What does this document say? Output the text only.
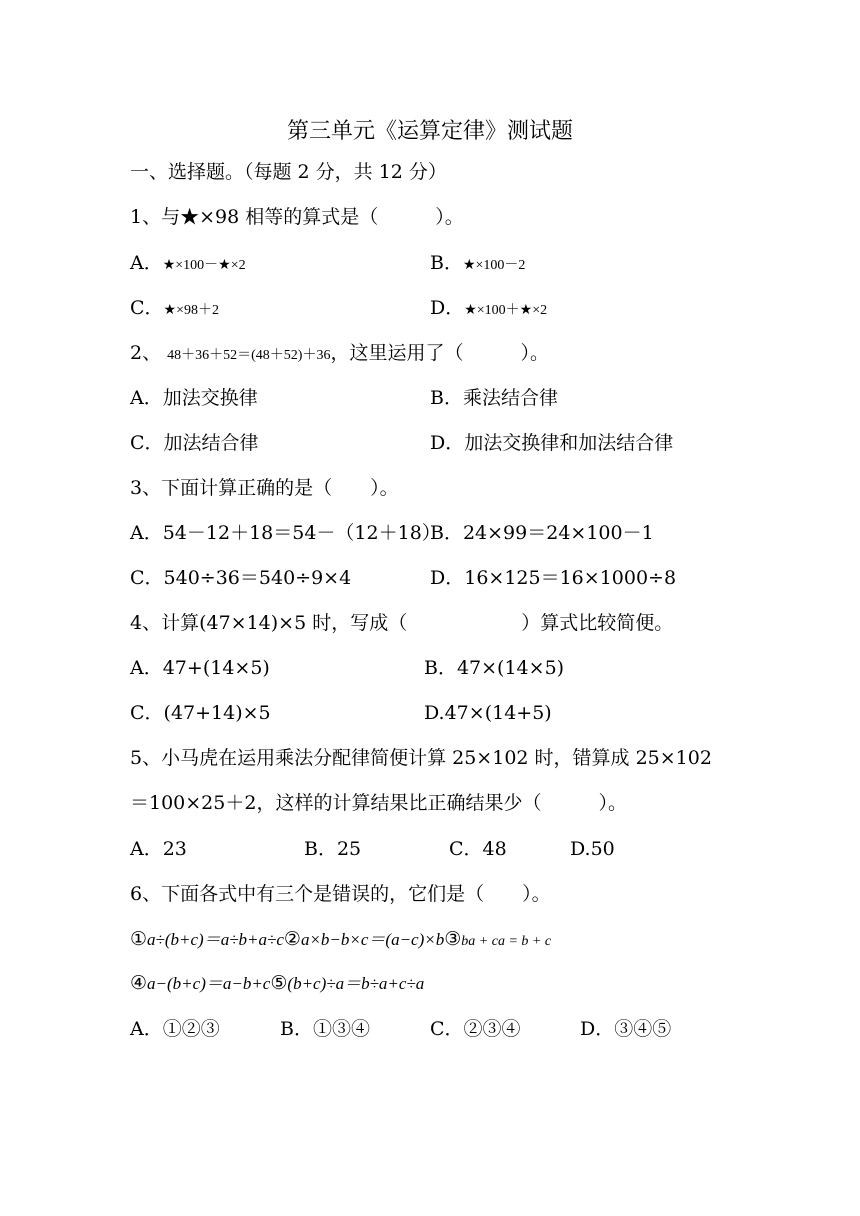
第三单元《运算定律》测试题
一、选择题。（每题 2 分，共 12 分）
1、与★×98 相等的算式是（　　　）。
A．★×100－★×2	B．★×100－2
C．★×98＋2	D．★×100＋★×2
2、 48＋36＋52＝(48＋52)＋36，这里运用了（　　　）。
A．加法交换律	B．乘法结合律
C．加法结合律	D．加法交换律和加法结合律
3、下面计算正确的是（　　）。
A．54－12＋18＝54－（12＋18）
B．24×99＝24×100－1
C．540÷36＝540÷9×4	D．16×125＝16×1000÷8
4、计算(47×14)×5 时，写成（　　　　　　）算式比较简便。
A．47+(14×5)	B．47×(14×5)
C．(47+14)×5	D.47×(14+5)
5、小马虎在运用乘法分配律简便计算 25×102 时，错算成 25×102
＝100×25＋2，这样的计算结果比正确结果少（　　　）。
A．23	B．25	C．48	D.50
6、下面各式中有三个是错误的，它们是（　　）。
①a÷(b+c)＝a÷b+a÷c②a×b−b×c＝(a−c)×b③ba + ca = b + c
④a−(b+c)＝a−b+c⑤(b+c)÷a＝b÷a+c÷a
A．①②③	B．①③④	C．②③④	D．③④⑤
